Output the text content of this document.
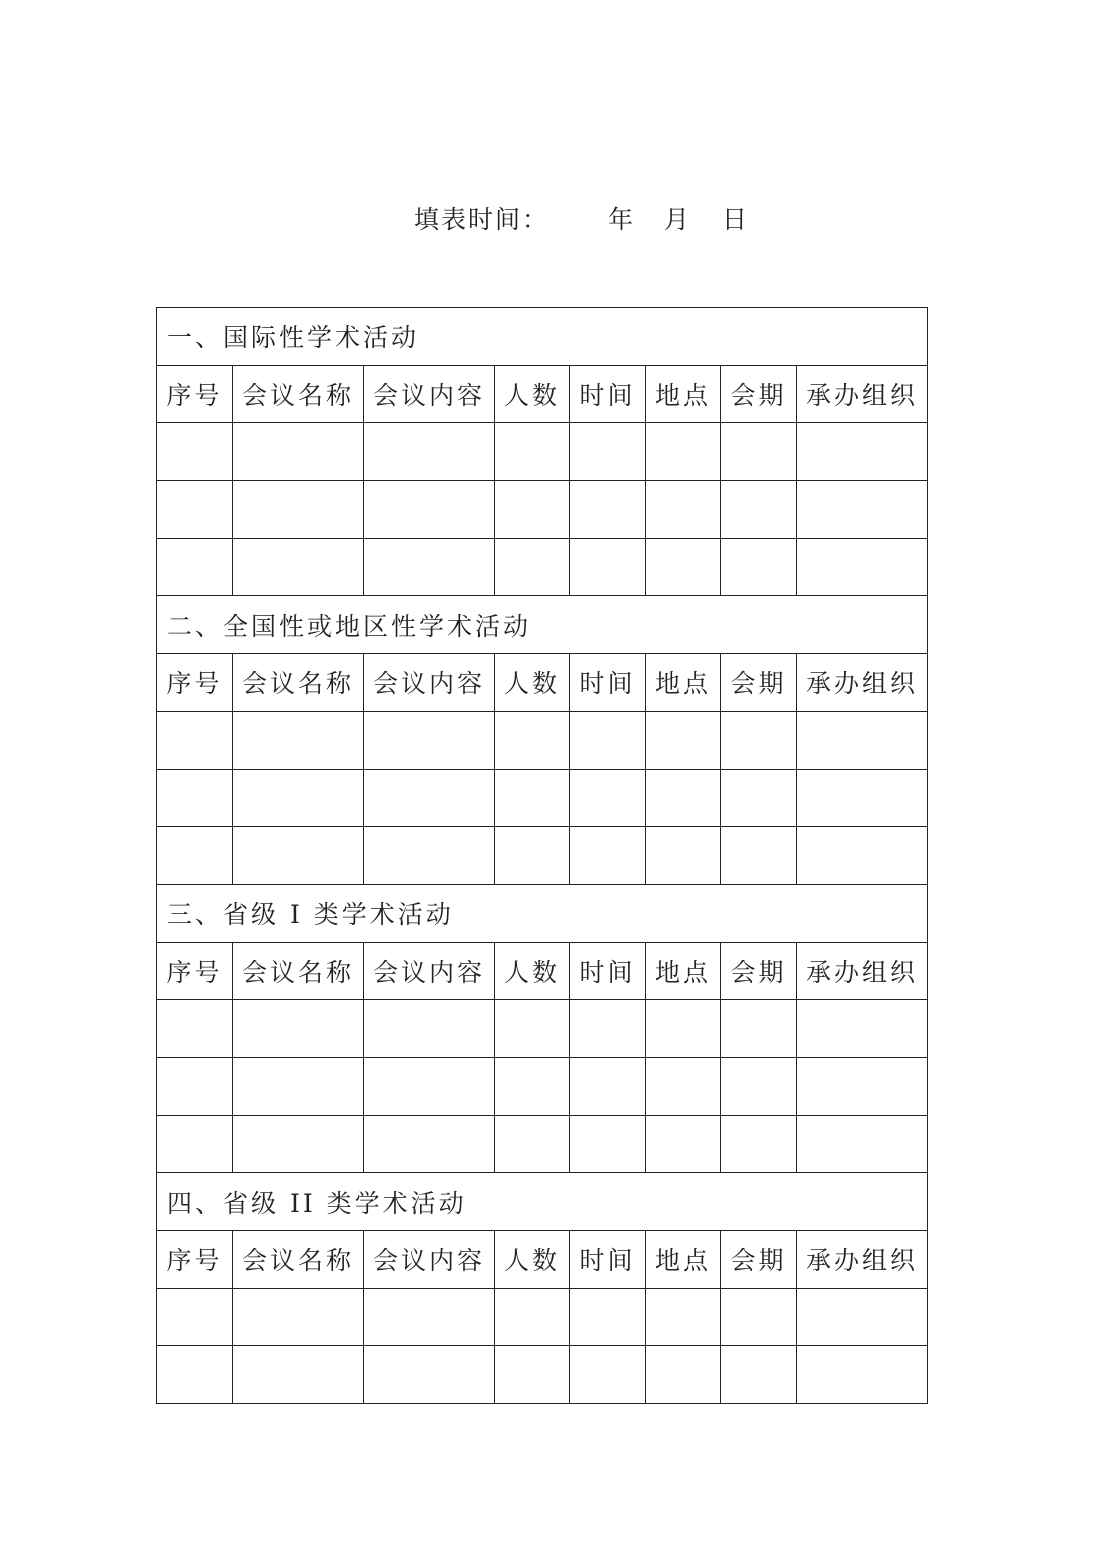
填表时间： 年 月 日
一、国际性学术活动							
序号	会议名称	会议内容	人数	时间	地点	会期	承办组织

二、全国性或地区性学术活动							
序号	会议名称	会议内容	人数	时间	地点	会期	承办组织

三、省级 I 类学术活动							
序号	会议名称	会议内容	人数	时间	地点	会期	承办组织

四、省级 II 类学术活动							
序号	会议名称	会议内容	人数	时间	地点	会期	承办组织
